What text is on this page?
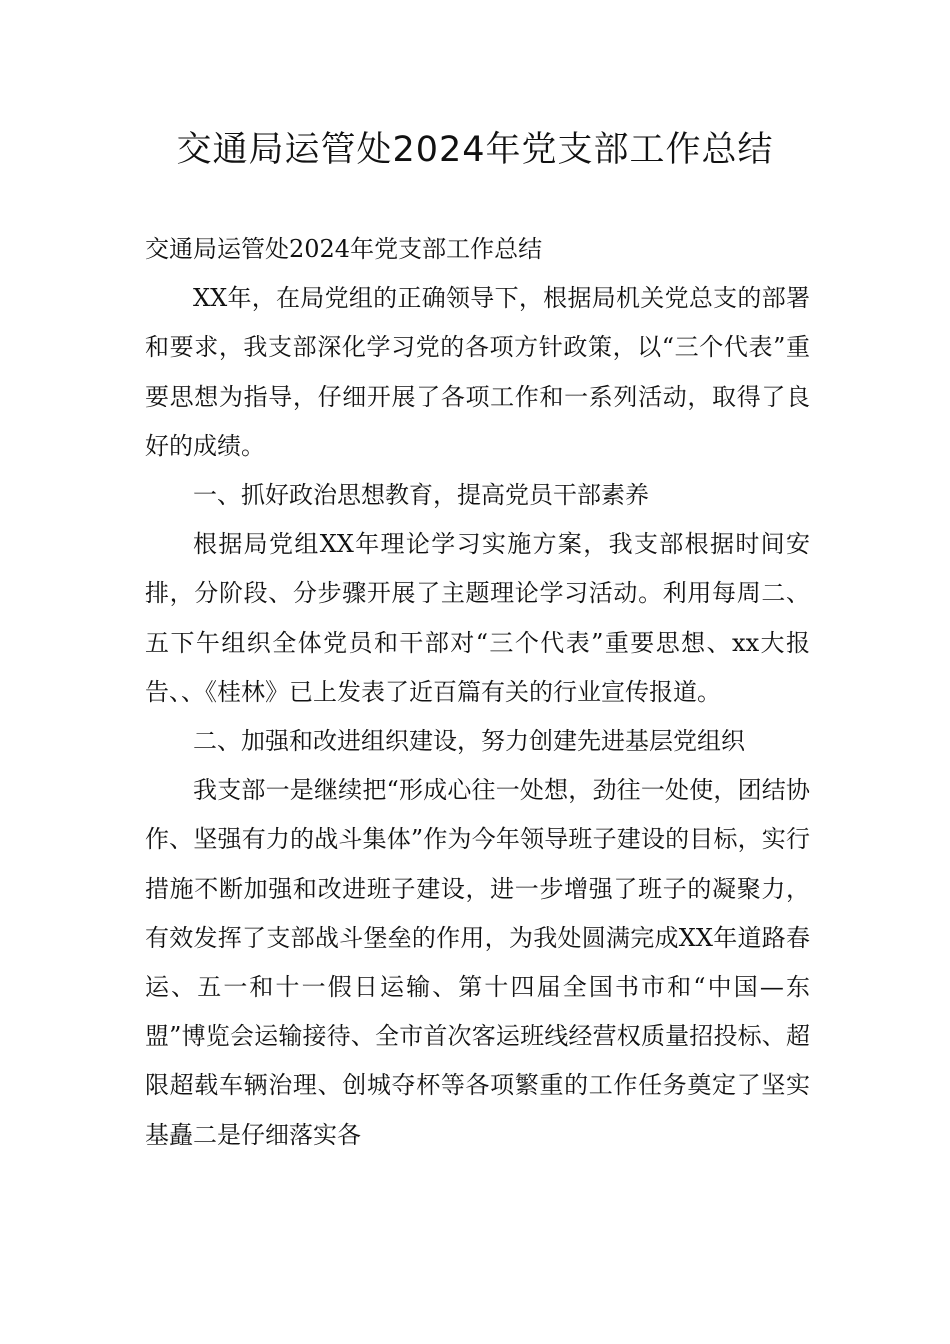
交通局运管处2024年党支部工作总结

交通局运管处2024年党支部工作总结

XX年，在局党组的正确领导下，根据局机关党总支的部署和要求，我支部深化学习党的各项方针政策，以“三个代表”重要思想为指导，仔细开展了各项工作和一系列活动，取得了良好的成绩。

一、抓好政治思想教育，提高党员干部素养

根据局党组XX年理论学习实施方案，我支部根据时间安排，分阶段、分步骤开展了主题理论学习活动。利用每周二、五下午组织全体党员和干部对“三个代表”重要思想、xx大报告、、《桂林》已上发表了近百篇有关的行业宣传报道。

二、加强和改进组织建设，努力创建先进基层党组织

我支部一是继续把“形成心往一处想，劲往一处使，团结协作、坚强有力的战斗集体”作为今年领导班子建设的目标，实行措施不断加强和改进班子建设，进一步增强了班子的凝聚力，有效发挥了支部战斗堡垒的作用，为我处圆满完成XX年道路春运、五一和十一假日运输、第十四届全国书市和“中国—东盟”博览会运输接待、全市首次客运班线经营权质量招投标、超限超载车辆治理、创城夺杯等各项繁重的工作任务奠定了坚实基矗二是仔细落实各
